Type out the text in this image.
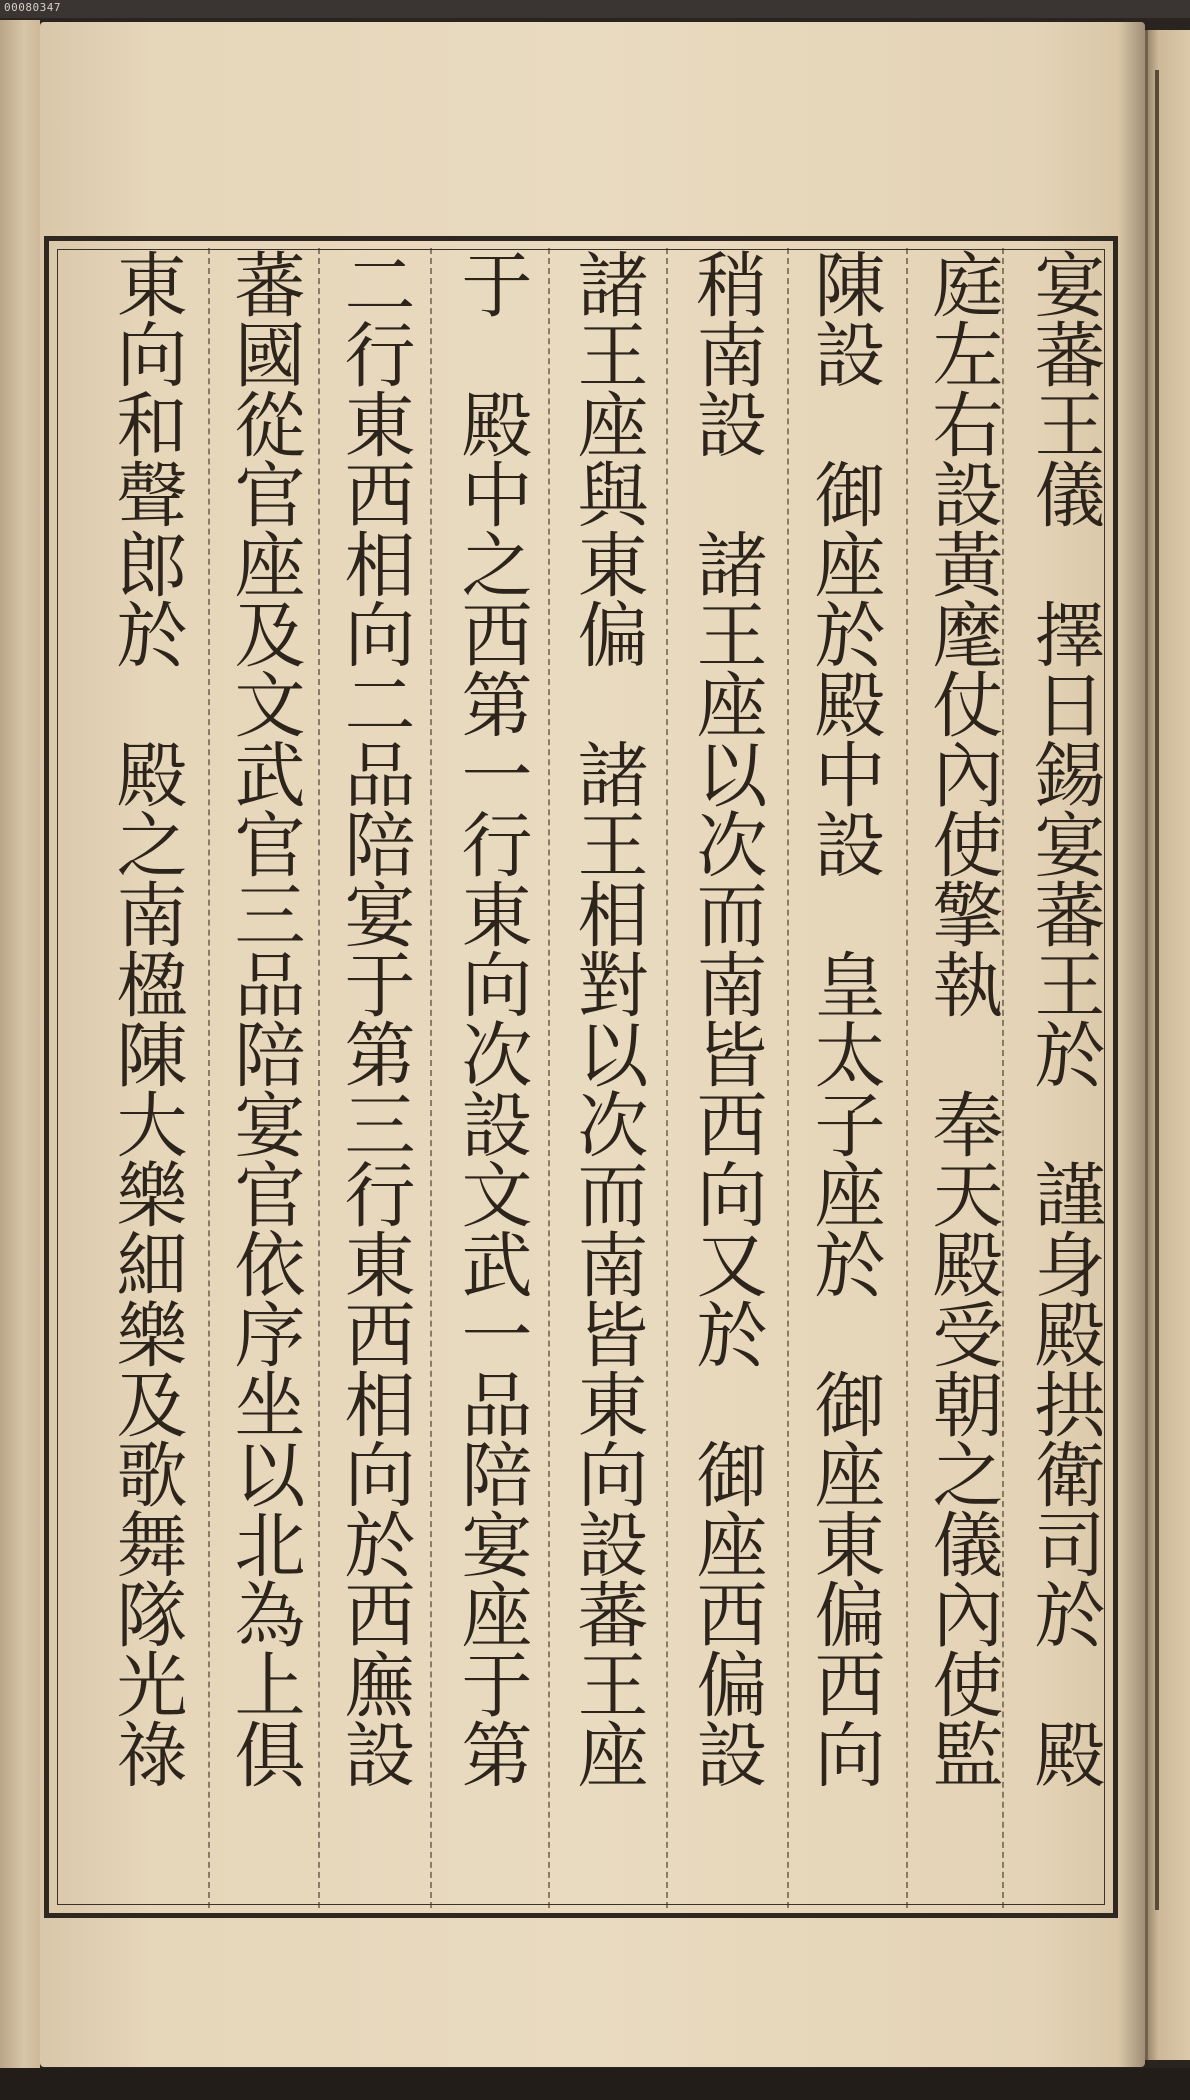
00080347
宴蕃王儀　擇日錫宴蕃王於　謹身殿拱衛司於　殿
庭左右設黃麾仗內使擎執　奉天殿受朝之儀內使監
陳設　御座於殿中設　皇太子座於　御座東偏西向
稍南設　諸王座以次而南皆西向又於　御座西偏設
諸王座與東偏　諸王相對以次而南皆東向設蕃王座
于　殿中之西第一行東向次設文武一品陪宴座于第
二行東西相向二品陪宴于第三行東西相向於西廡設
蕃國從官座及文武官三品陪宴官依序坐以北為上俱
東向和聲郎於　殿之南楹陳大樂細樂及歌舞隊光祿
